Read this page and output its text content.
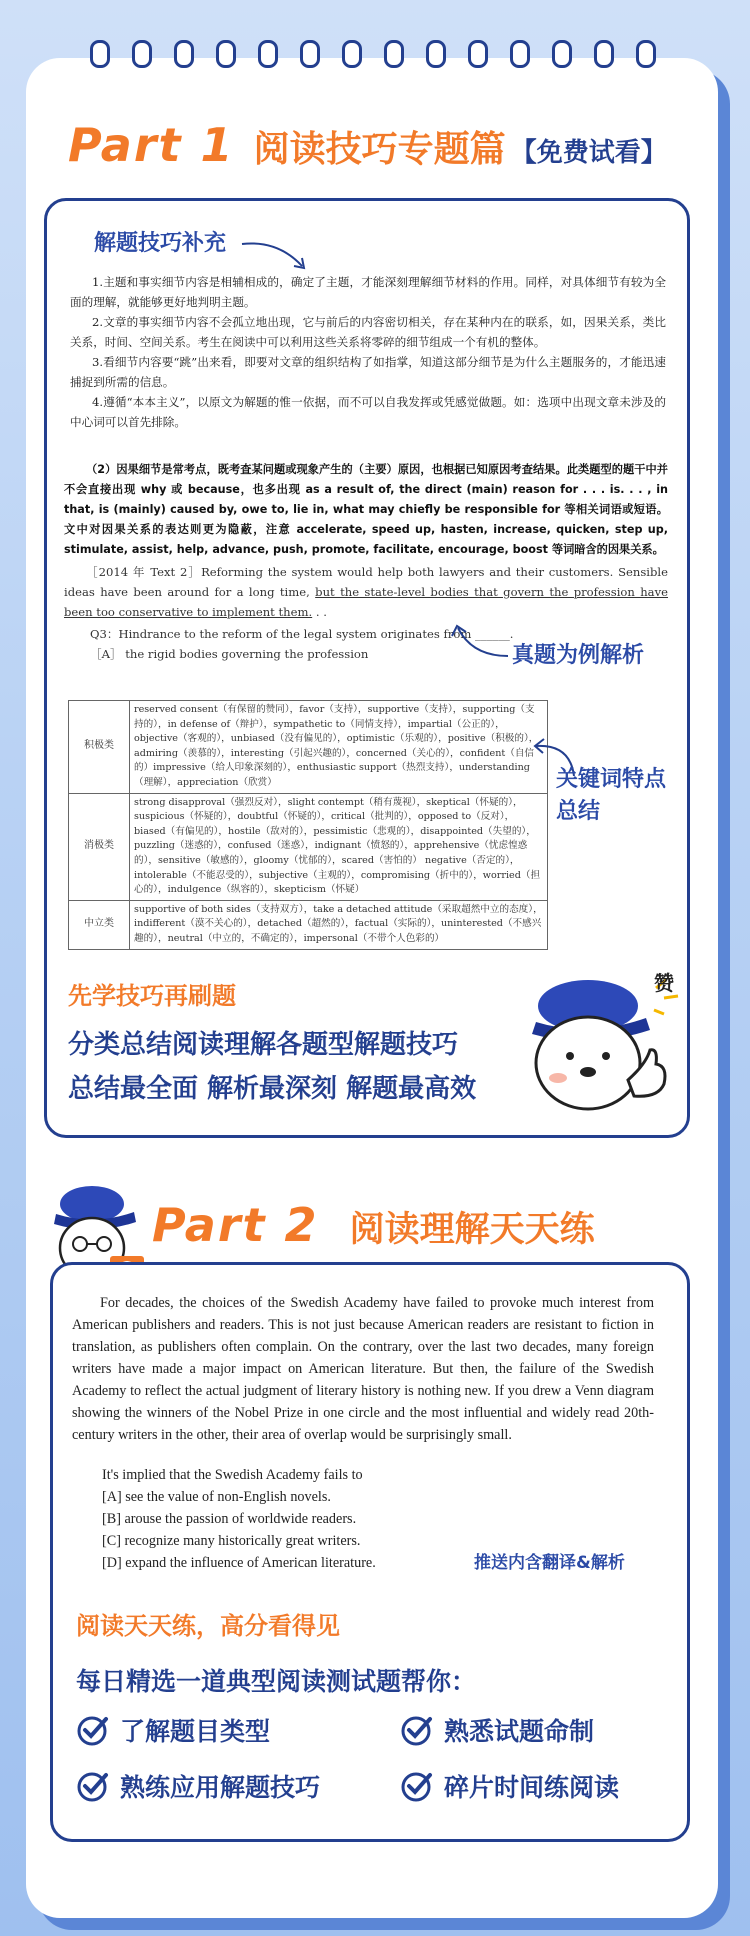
Part 1 阅读技巧专题篇 【免费试看】
解题技巧补充

1.主题和事实细节内容是相辅相成的，确定了主题，才能深刻理解细节材料的作用。同样，对具体细节有较为全面的理解，就能够更好地判明主题。

2.文章的事实细节内容不会孤立地出现，它与前后的内容密切相关，存在某种内在的联系，如，因果关系，类比关系，时间、空间关系。考生在阅读中可以利用这些关系将零碎的细节组成一个有机的整体。

3.看细节内容要“跳”出来看，即要对文章的组织结构了如指掌，知道这部分细节是为什么主题服务的，才能迅速捕捉到所需的信息。

4.遵循“本本主义”，以原文为解题的惟一依据，而不可以自我发挥或凭感觉做题。如：选项中出现文章未涉及的中心词可以首先排除。

（2）因果细节是常考点，既考查某问题或现象产生的（主要）原因，也根据已知原因考查结果。此类题型的题干中并不会直接出现 why 或 because，也多出现 as a result of, the direct (main) reason for . . . is. . . , in that, is (mainly) caused by, owe to, lie in, what may chiefly be responsible for 等相关词语或短语。文中对因果关系的表达则更为隐蔽，注意 accelerate, speed up, hasten, increase, quicken, step up, stimulate, assist, help, advance, push, promote, facilitate, encourage, boost 等词暗含的因果关系。

［2014 年 Text 2］Reforming the system would help both lawyers and their customers. Sensible ideas have been around for a long time, but the state-level bodies that govern the profession have been too conservative to implement them. . .

Q3：Hindrance to the reform of the legal system originates from ______.
［A］ the rigid bodies governing the profession	真题为例解析
积极类	reserved consent（有保留的赞同），favor（支持），supportive（支持），supporting（支持的），in defense of（辩护），sympathetic to（同情支持），impartial（公正的），objective（客观的），unbiased（没有偏见的），optimistic（乐观的），positive（积极的），admiring（羡慕的），interesting（引起兴趣的），concerned（关心的），confident（自信的）impressive（给人印象深刻的），enthusiastic support（热烈支持），understanding（理解），appreciation（欣赏）
消极类	strong disapproval（强烈反对），slight contempt（稍有蔑视），skeptical（怀疑的），suspicious（怀疑的），doubtful（怀疑的），critical（批判的），opposed to（反对），biased（有偏见的），hostile（敌对的），pessimistic（悲观的），disappointed（失望的），puzzling（迷惑的），confused（迷惑），indignant（愤怒的），apprehensive（忧虑惶惑的），sensitive（敏感的），gloomy（忧郁的），scared（害怕的） negative（否定的），intolerable（不能忍受的），subjective（主观的），compromising（折中的），worried（担心的），indulgence（纵容的），skepticism（怀疑）
中立类	supportive of both sides（支持双方），take a detached attitude（采取超然中立的态度），indifferent（漠不关心的），detached（超然的），factual（实际的），uninterested（不感兴趣的），neutral（中立的，不确定的），impersonal（不带个人色彩的）
关键词特点
总结
先学技巧再刷题
分类总结阅读理解各题型解题技巧
总结最全面 解析最深刻 解题最高效
赞
Part 2 阅读理解天天练

For decades, the choices of the Swedish Academy have failed to provoke much interest from American publishers and readers. This is not just because American readers are resistant to fiction in translation, as publishers often complain. On the contrary, over the last two decades, many foreign writers have made a major impact on American literature. But then, the failure of the Swedish Academy to reflect the actual judgment of literary history is nothing new. If you drew a Venn diagram showing the winners of the Nobel Prize in one circle and the most influential and widely read 20th-century writers in the other, their area of overlap would be surprisingly small.

It's implied that the Swedish Academy fails to
[A] see the value of non-English novels.
[B] arouse the passion of worldwide readers.
[C] recognize many historically great writers.
[D] expand the influence of American literature.	推送内含翻译&解析
阅读天天练，高分看得见
每日精选一道典型阅读测试题帮你：
了解题目类型	熟悉试题命制
熟练应用解题技巧	碎片时间练阅读
